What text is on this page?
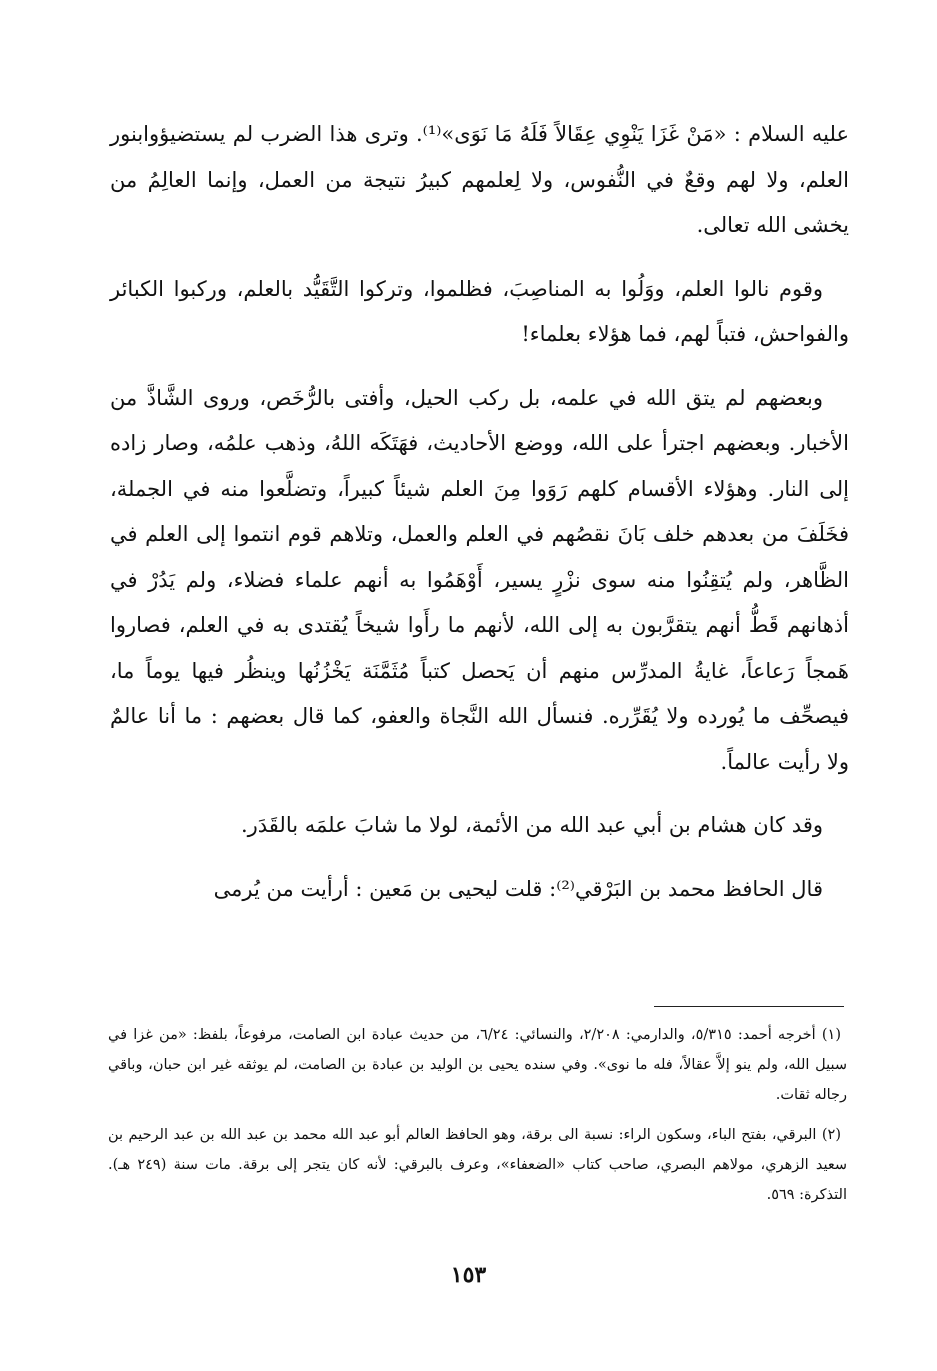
عليه السلام : «مَنْ غَزَا يَنْوِي عِقَالاً فَلَهُ مَا نَوَى»⁽¹⁾. وترى هذا الضرب لم يستضيؤوابنور العلم، ولا لهم وقعٌ في النُّفوس، ولا لِعلمهم كبيرُ نتيجة من العمل، وإنما العالِمُ من يخشى الله تعالى.

وقوم نالوا العلم، ووَلُوا به المناصِبَ، فظلموا، وتركوا التَّقَيُّد بالعلم، وركبوا الكبائر والفواحش، فتباً لهم، فما هؤلاء بعلماء!

وبعضهم لم يتق الله في علمه، بل ركب الحيل، وأفتى بالرُّخَص، وروى الشَّاذَّ من الأخبار. وبعضهم اجترأ على الله، ووضع الأحاديث، فهَتَكَه اللهُ، وذهب علمُه، وصار زاده إلى النار. وهؤلاء الأقسام كلهم رَوَوا مِنَ العلم شيئاً كبيراً، وتضلَّعوا منه في الجملة، فخَلَفَ من بعدهم خلف بَانَ نقصُهم في العلم والعمل، وتلاهم قوم انتموا إلى العلم في الظَّاهر، ولم يُتقِنُوا منه سوى نزْرٍ يسير، أَوْهَمُوا به أنهم علماء فضلاء، ولم يَدُرْ في أذهانهم قَطُّ أنهم يتقرَّبون به إلى الله، لأنهم ما رأَوا شيخاً يُقتدى به في العلم، فصاروا هَمجاً رَعاعاً، غايةُ المدرِّس منهم أن يَحصل كتباً مُثَمَّنَة يَخْزُنُها وينظُر فيها يوماً ما، فيصحِّف ما يُورده ولا يُقَرِّره. فنسأل الله النَّجاة والعفو، كما قال بعضهم : ما أنا عالمٌ ولا رأيت عالماً.

وقد كان هشام بن أبي عبد الله من الأئمة، لولا ما شابَ علمَه بالقَدَر.

قال الحافظ محمد بن البَرْقي⁽²⁾: قلت ليحيى بن مَعين : أرأيت من يُرمى

(١) أخرجه أحمد: ٥/٣١٥، والدارمي: ٢/٢٠٨، والنسائي: ٦/٢٤، من حديث عبادة ابن الصامت، مرفوعاً، بلفظ: «من غزا في سبيل الله، ولم ينو إلاَّ عقالاً، فله ما نوى». وفي سنده يحيى بن الوليد بن عبادة بن الصامت، لم يوثقه غير ابن حبان، وباقي رجاله ثقات.

(٢) البرقي، بفتح الباء، وسكون الراء: نسبة الى برقة، وهو الحافظ العالم أبو عبد الله محمد بن عبد الله بن عبد الرحيم بن سعيد الزهري، مولاهم البصري، صاحب كتاب «الضعفاء»، وعرف بالبرقي: لأنه كان يتجر إلى برقة. مات سنة (٢٤٩ هـ). التذكرة: ٥٦٩.

١٥٣
